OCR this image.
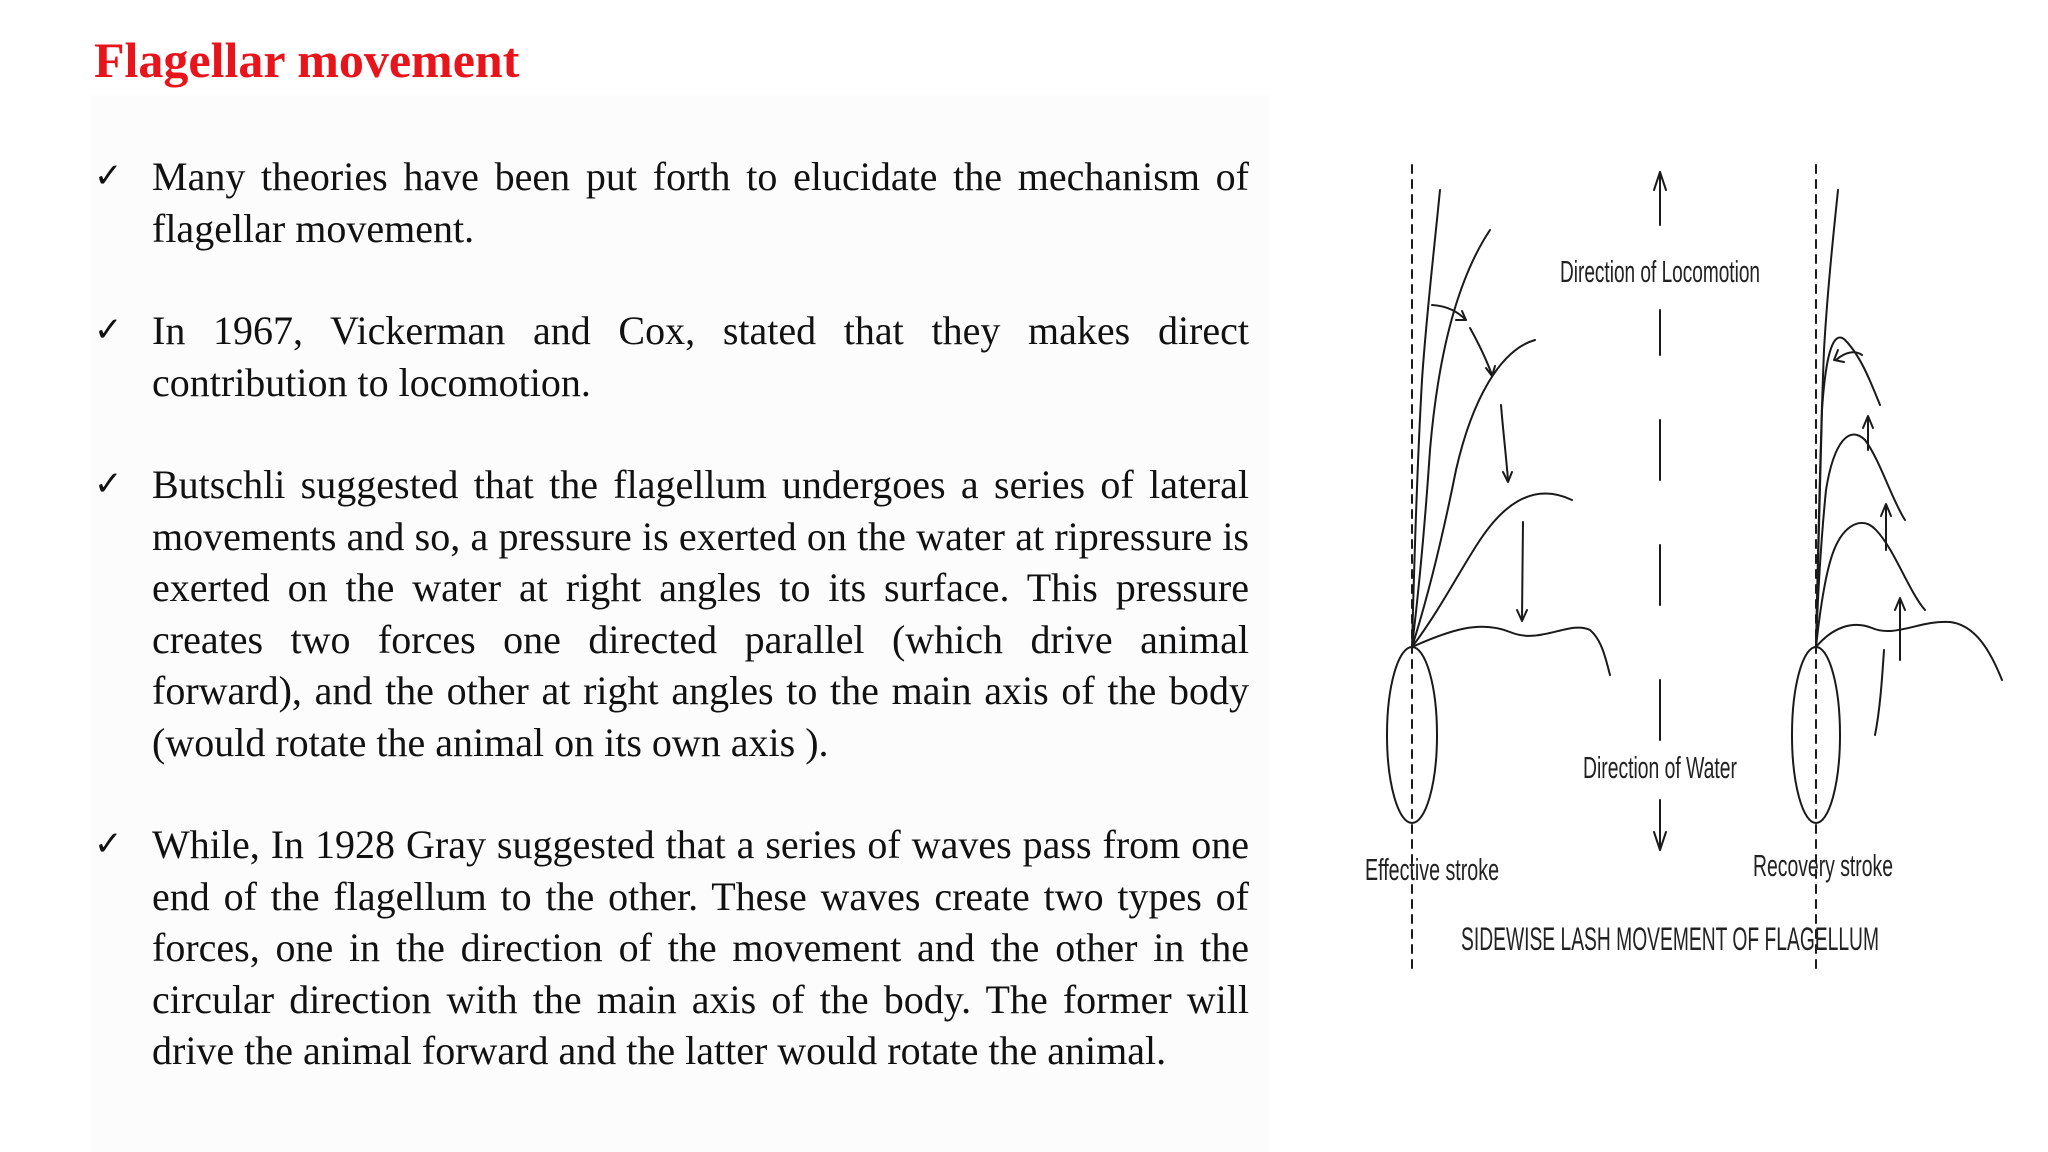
Flagellar movement
✓ Many theories have been put forth to elucidate the mechanism of flagellar movement.
✓ In 1967, Vickerman and Cox, stated that they makes direct contribution to locomotion.
✓ Butschli suggested that the flagellum undergoes a series of lateral movements and so, a pressure is exerted on the water at ripressure is exerted on the water at right angles to its surface. This pressure creates two forces one directed parallel (which drive animal forward), and the other at right angles to the main axis of the body (would rotate the animal on its own axis ).
✓ While, In 1928 Gray suggested that a series of waves pass from one end of the flagellum to the other. These waves create two types of forces, one in the direction of the movement and the other in the circular direction with the main axis of the body. The former will drive the animal forward and the latter would rotate the animal.
Direction of Locomotion
Direction of Water
Effective stroke	Recovery stroke
SIDEWISE LASH MOVEMENT OF FLAGELLUM
